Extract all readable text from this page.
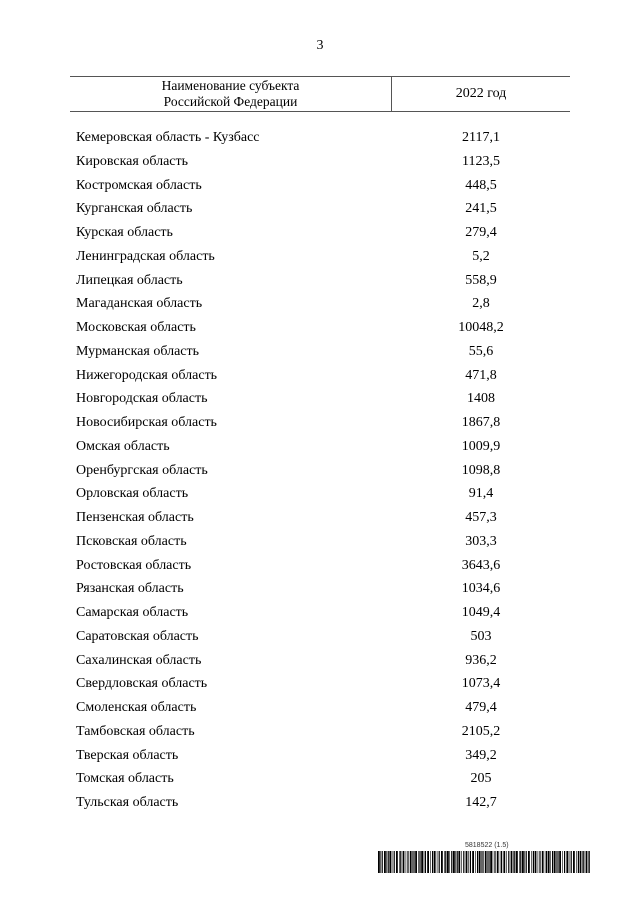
3
Наименование субъекта
Российской Федерации
2022 год
Кемеровская область - Кузбасс	2117,1
Кировская область	1123,5
Костромская область	448,5
Курганская область	241,5
Курская область	279,4
Ленинградская область	5,2
Липецкая область	558,9
Магаданская область	2,8
Московская область	10048,2
Мурманская область	55,6
Нижегородская область	471,8
Новгородская область	1408
Новосибирская область	1867,8
Омская область	1009,9
Оренбургская область	1098,8
Орловская область	91,4
Пензенская область	457,3
Псковская область	303,3
Ростовская область	3643,6
Рязанская область	1034,6
Самарская область	1049,4
Саратовская область	503
Сахалинская область	936,2
Свердловская область	1073,4
Смоленская область	479,4
Тамбовская область	2105,2
Тверская область	349,2
Томская область	205
Тульская область	142,7
5818522 (1.5)
